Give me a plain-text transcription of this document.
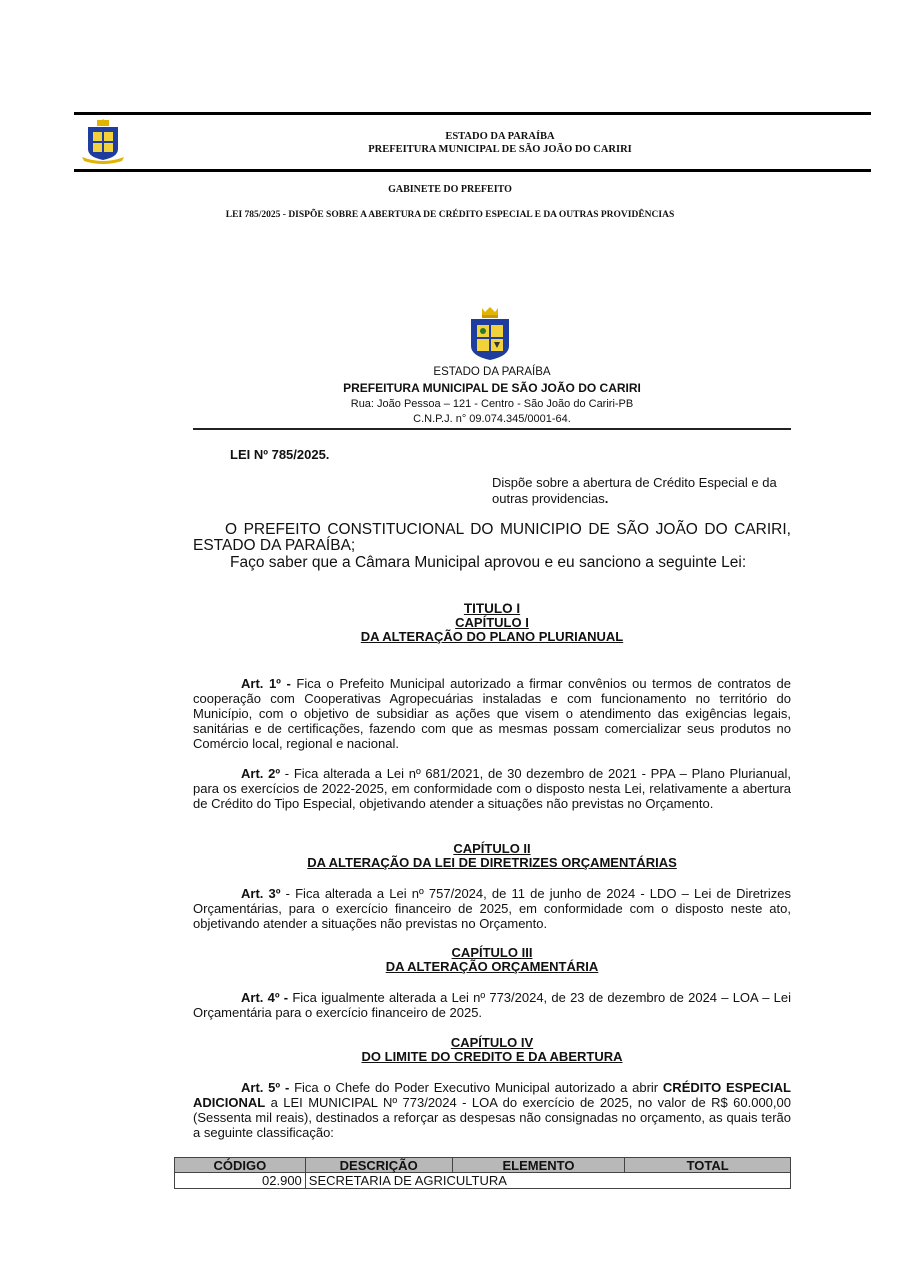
ESTADO DA PARAÍBA
PREFEITURA MUNICIPAL DE SÃO JOÃO DO CARIRI
GABINETE DO PREFEITO
LEI 785/2025 - DISPÕE SOBRE A ABERTURA DE CRÉDITO ESPECIAL E DA OUTRAS PROVIDÊNCIAS
ESTADO DA PARAÍBA
PREFEITURA MUNICIPAL DE SÃO JOÃO DO CARIRI
Rua: João Pessoa – 121 - Centro - São João do Cariri-PB
C.N.P.J. n° 09.074.345/0001-64.
LEI Nº 785/2025.
Dispõe sobre a abertura de Crédito Especial e da outras providencias.
O PREFEITO CONSTITUCIONAL DO MUNICIPIO DE SÃO JOÃO DO CARIRI, ESTADO DA PARAÍBA;
Faço saber que a Câmara Municipal aprovou e eu sanciono a seguinte Lei:
TITULO I
CAPÍTULO I
DA ALTERAÇÃO DO PLANO PLURIANUAL
Art. 1º - Fica o Prefeito Municipal autorizado a firmar convênios ou termos de contratos de cooperação com Cooperativas Agropecuárias instaladas e com funcionamento no território do Município, com o objetivo de subsidiar as ações que visem o atendimento das exigências legais, sanitárias e de certificações, fazendo com que as mesmas possam comercializar seus produtos no Comércio local, regional e nacional.
Art. 2º - Fica alterada a Lei nº 681/2021, de 30 dezembro de 2021 - PPA – Plano Plurianual, para os exercícios de 2022-2025, em conformidade com o disposto nesta Lei, relativamente a abertura de Crédito do Tipo Especial, objetivando atender a situações não previstas no Orçamento.
CAPÍTULO II
DA ALTERAÇÃO DA LEI DE DIRETRIZES ORÇAMENTÁRIAS
Art. 3º - Fica alterada a Lei nº 757/2024, de 11 de junho de 2024 - LDO – Lei de Diretrizes Orçamentárias, para o exercício financeiro de 2025, em conformidade com o disposto neste ato, objetivando atender a situações não previstas no Orçamento.
CAPÍTULO III
DA ALTERAÇÃO ORÇAMENTÁRIA
Art. 4º - Fica igualmente alterada a Lei nº 773/2024, de 23 de dezembro de 2024 – LOA – Lei Orçamentária para o exercício financeiro de 2025.
CAPÍTULO IV
DO LIMITE DO CREDITO E DA ABERTURA
Art. 5º - Fica o Chefe do Poder Executivo Municipal autorizado a abrir CRÉDITO ESPECIAL ADICIONAL a LEI MUNICIPAL Nº 773/2024 - LOA do exercício de 2025, no valor de R$ 60.000,00 (Sessenta mil reais), destinados a reforçar as despesas não consignadas no orçamento, as quais terão a seguinte classificação:
CÓDIGO	DESCRIÇÃO	ELEMENTO	TOTAL
02.900	SECRETARIA DE AGRICULTURA		
